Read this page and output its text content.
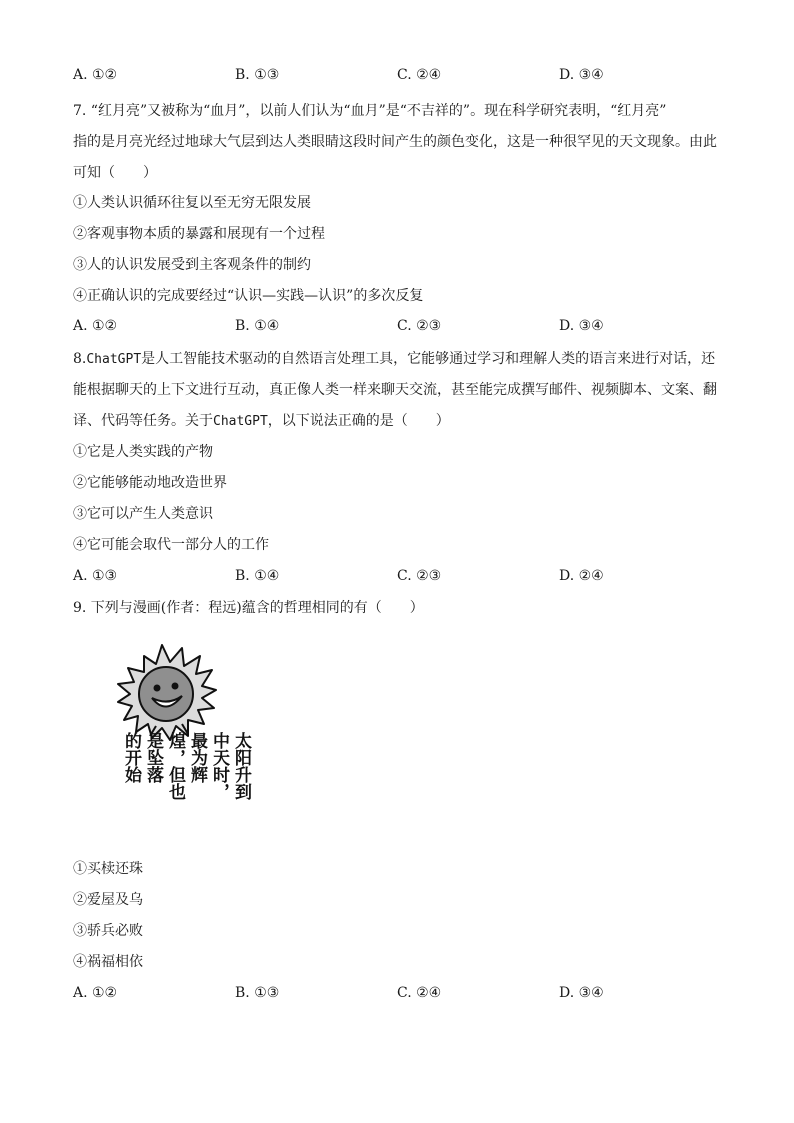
A. ①②	B. ①③	C. ②④	D. ③④
7. “红月亮”又被称为“血月”，以前人们认为“血月”是“不吉祥的”。现在科学研究表明，“红月亮”
指的是月亮光经过地球大气层到达人类眼睛这段时间产生的颜色变化，这是一种很罕见的天文现象。由此
可知（　　）
①人类认识循环往复以至无穷无限发展
②客观事物本质的暴露和展现有一个过程
③人的认识发展受到主客观条件的制约
④正确认识的完成要经过“认识—实践—认识”的多次反复
A. ①②	B. ①④	C. ②③	D. ③④
8.ChatGPT是人工智能技术驱动的自然语言处理工具，它能够通过学习和理解人类的语言来进行对话，还
能根据聊天的上下文进行互动，真正像人类一样来聊天交流，甚至能完成撰写邮件、视频脚本、文案、翻
译、代码等任务。关于ChatGPT，以下说法正确的是（　　）
①它是人类实践的产物
②它能够能动地改造世界
③它可以产生人类意识
④它可能会取代一部分人的工作
A. ①③	B. ①④	C. ②③	D. ②④
9. 下列与漫画(作者：程远)蕴含的哲理相同的有（　　）
太阳升到
中天时，
最为辉
煌，但也
是坠落
的开始
①买椟还珠
②爱屋及乌
③骄兵必败
④祸福相依
A. ①②	B. ①③	C. ②④	D. ③④
